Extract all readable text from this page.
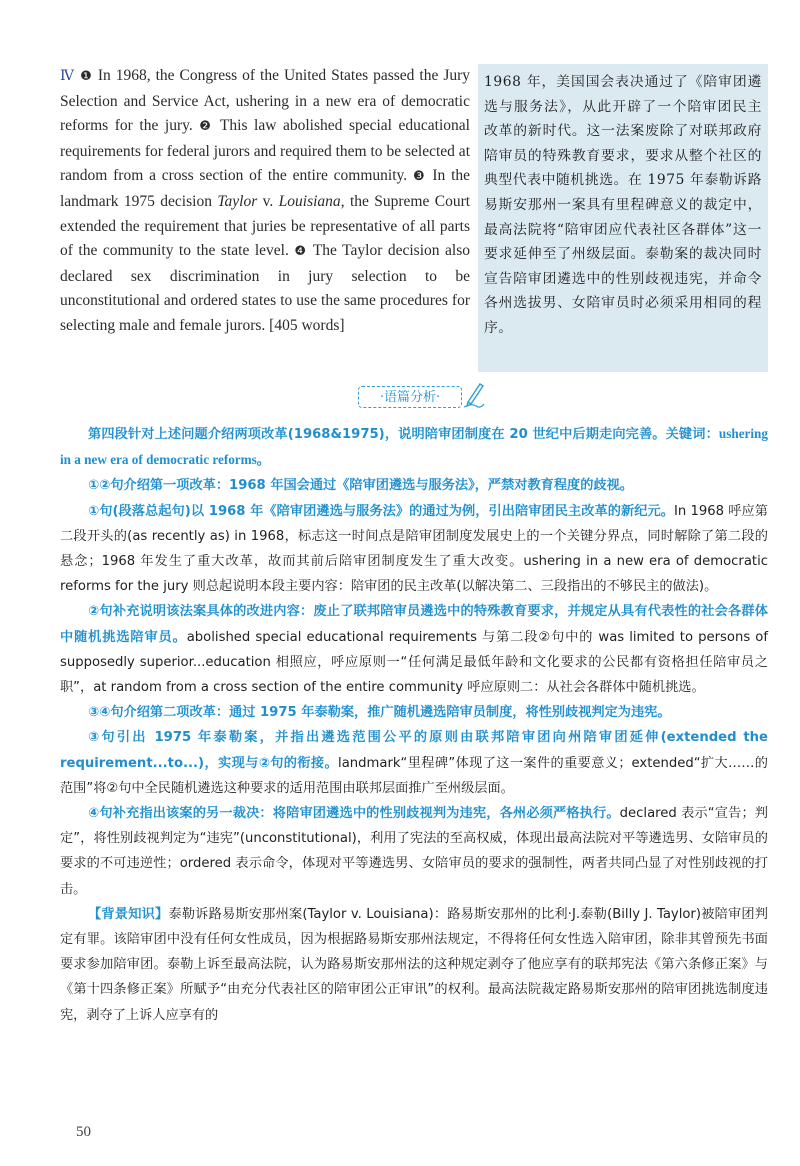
Ⅳ ❶ In 1968, the Congress of the United States passed the Jury Selection and Service Act, ushering in a new era of democratic reforms for the jury. ❷ This law abolished special educational requirements for federal jurors and required them to be selected at random from a cross section of the entire community. ❸ In the landmark 1975 decision Taylor v. Louisiana, the Supreme Court extended the requirement that juries be representative of all parts of the community to the state level. ❹ The Taylor decision also declared sex discrimination in jury selection to be unconstitutional and ordered states to use the same procedures for selecting male and female jurors. [405 words]
1968 年，美国国会表决通过了《陪审团遴选与服务法》，从此开辟了一个陪审团民主改革的新时代。这一法案废除了对联邦政府陪审员的特殊教育要求，要求从整个社区的典型代表中随机挑选。在 1975 年泰勒诉路易斯安那州一案具有里程碑意义的裁定中，最高法院将“陪审团应代表社区各群体”这一要求延伸至了州级层面。泰勒案的裁决同时宣告陪审团遴选中的性别歧视违宪，并命令各州选拔男、女陪审员时必须采用相同的程序。
·语篇分析·

第四段针对上述问题介绍两项改革(1968&1975)，说明陪审团制度在 20 世纪中后期走向完善。关键词：ushering in a new era of democratic reforms。

①②句介绍第一项改革：1968 年国会通过《陪审团遴选与服务法》，严禁对教育程度的歧视。

①句(段落总起句)以 1968 年《陪审团遴选与服务法》的通过为例，引出陪审团民主改革的新纪元。In 1968 呼应第二段开头的(as recently as) in 1968，标志这一时间点是陪审团制度发展史上的一个关键分界点，同时解除了第二段的悬念；1968 年发生了重大改革，故而其前后陪审团制度发生了重大改变。ushering in a new era of democratic reforms for the jury 则总起说明本段主要内容：陪审团的民主改革(以解决第二、三段指出的不够民主的做法)。

②句补充说明该法案具体的改进内容：废止了联邦陪审员遴选中的特殊教育要求，并规定从具有代表性的社会各群体中随机挑选陪审员。abolished special educational requirements 与第二段②句中的 was limited to persons of supposedly superior...education 相照应，呼应原则一“任何满足最低年龄和文化要求的公民都有资格担任陪审员之职”，at random from a cross section of the entire community 呼应原则二：从社会各群体中随机挑选。

③④句介绍第二项改革：通过 1975 年泰勒案，推广随机遴选陪审员制度，将性别歧视判定为违宪。

③句引出 1975 年泰勒案，并指出遴选范围公平的原则由联邦陪审团向州陪审团延伸(extended the requirement...to...)，实现与②句的衔接。landmark“里程碑”体现了这一案件的重要意义；extended“扩大……的范围”将②句中全民随机遴选这种要求的适用范围由联邦层面推广至州级层面。

④句补充指出该案的另一裁决：将陪审团遴选中的性别歧视判为违宪，各州必须严格执行。declared 表示“宣告；判定”，将性别歧视判定为“违宪”(unconstitutional)，利用了宪法的至高权威，体现出最高法院对平等遴选男、女陪审员的要求的不可违逆性；ordered 表示命令，体现对平等遴选男、女陪审员的要求的强制性，两者共同凸显了对性别歧视的打击。

【背景知识】泰勒诉路易斯安那州案(Taylor v. Louisiana)：路易斯安那州的比利·J.泰勒(Billy J. Taylor)被陪审团判定有罪。该陪审团中没有任何女性成员，因为根据路易斯安那州法规定，不得将任何女性选入陪审团，除非其曾预先书面要求参加陪审团。泰勒上诉至最高法院，认为路易斯安那州法的这种规定剥夺了他应享有的联邦宪法《第六条修正案》与《第十四条修正案》所赋予“由充分代表社区的陪审团公正审讯”的权利。最高法院裁定路易斯安那州的陪审团挑选制度违宪，剥夺了上诉人应享有的

50
